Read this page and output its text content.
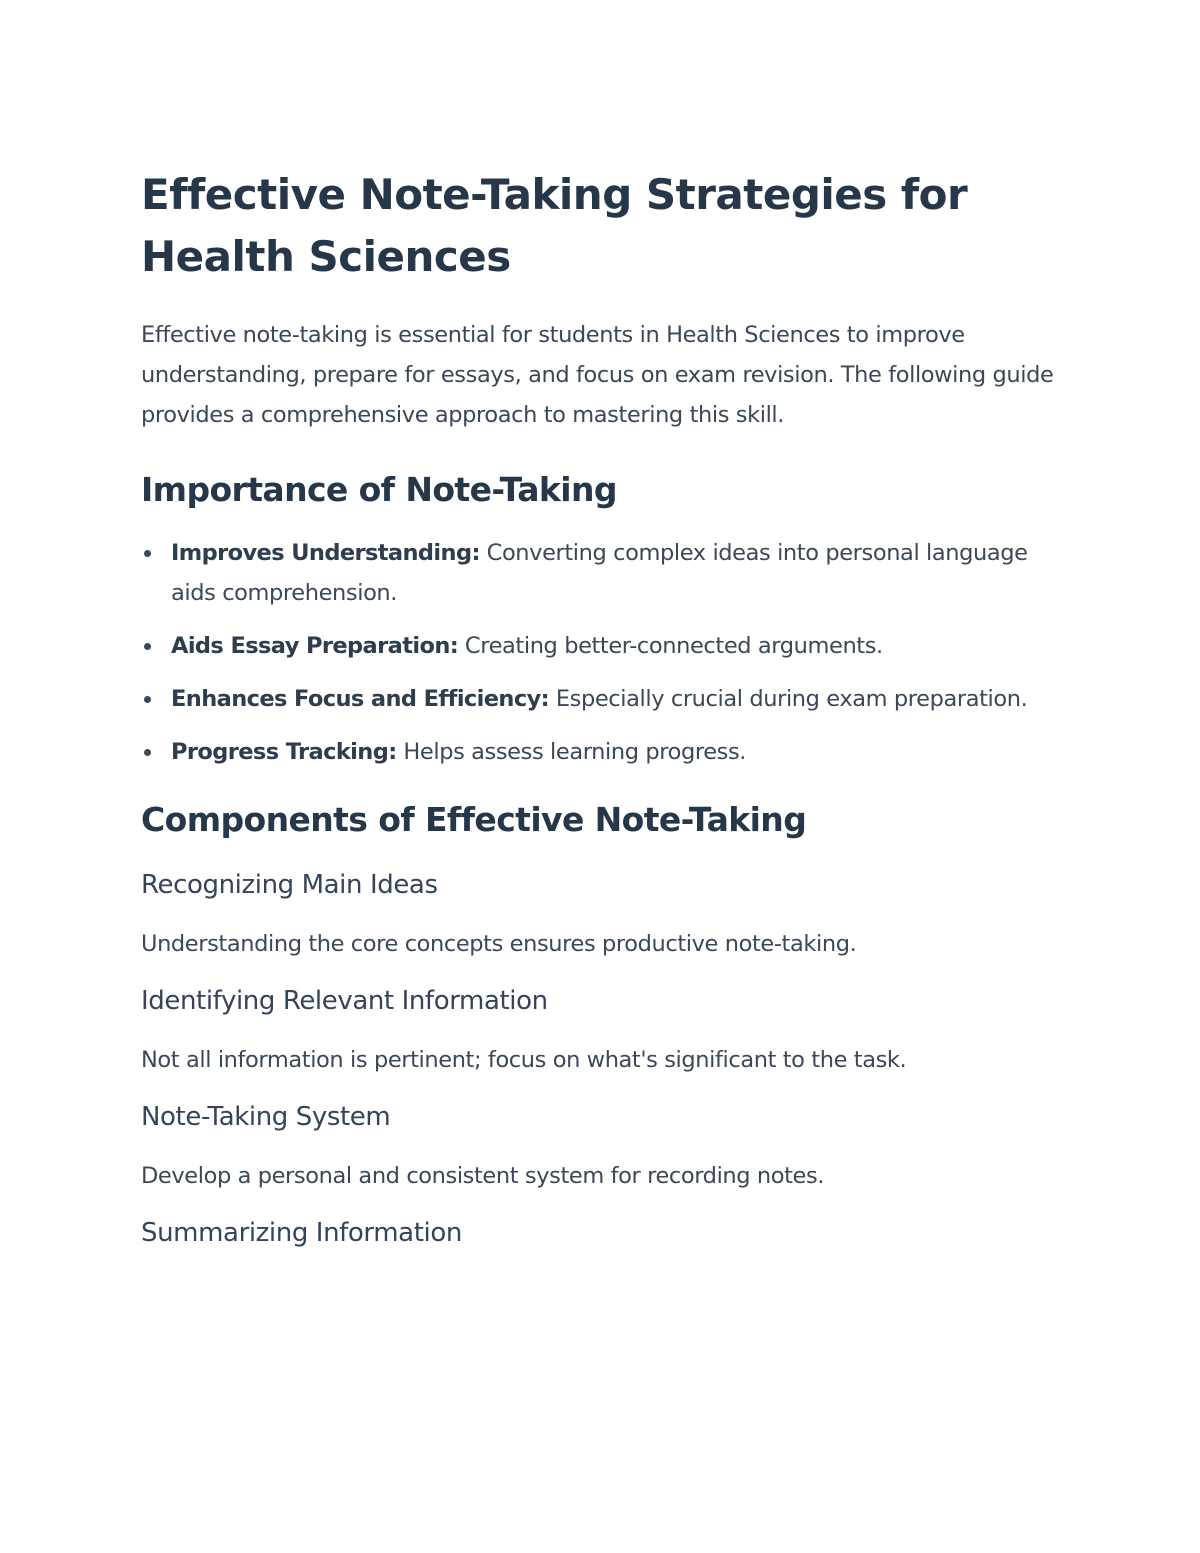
Effective Note-Taking Strategies for Health Sciences

Effective note-taking is essential for students in Health Sciences to improve understanding, prepare for essays, and focus on exam revision. The following guide provides a comprehensive approach to mastering this skill.

Importance of Note-Taking
Improves Understanding: Converting complex ideas into personal language aids comprehension.
Aids Essay Preparation: Creating better-connected arguments.
Enhances Focus and Efficiency: Especially crucial during exam preparation.
Progress Tracking: Helps assess learning progress.
Components of Effective Note-Taking
Recognizing Main Ideas

Understanding the core concepts ensures productive note-taking.

Identifying Relevant Information

Not all information is pertinent; focus on what's significant to the task.

Note-Taking System

Develop a personal and consistent system for recording notes.

Summarizing Information
